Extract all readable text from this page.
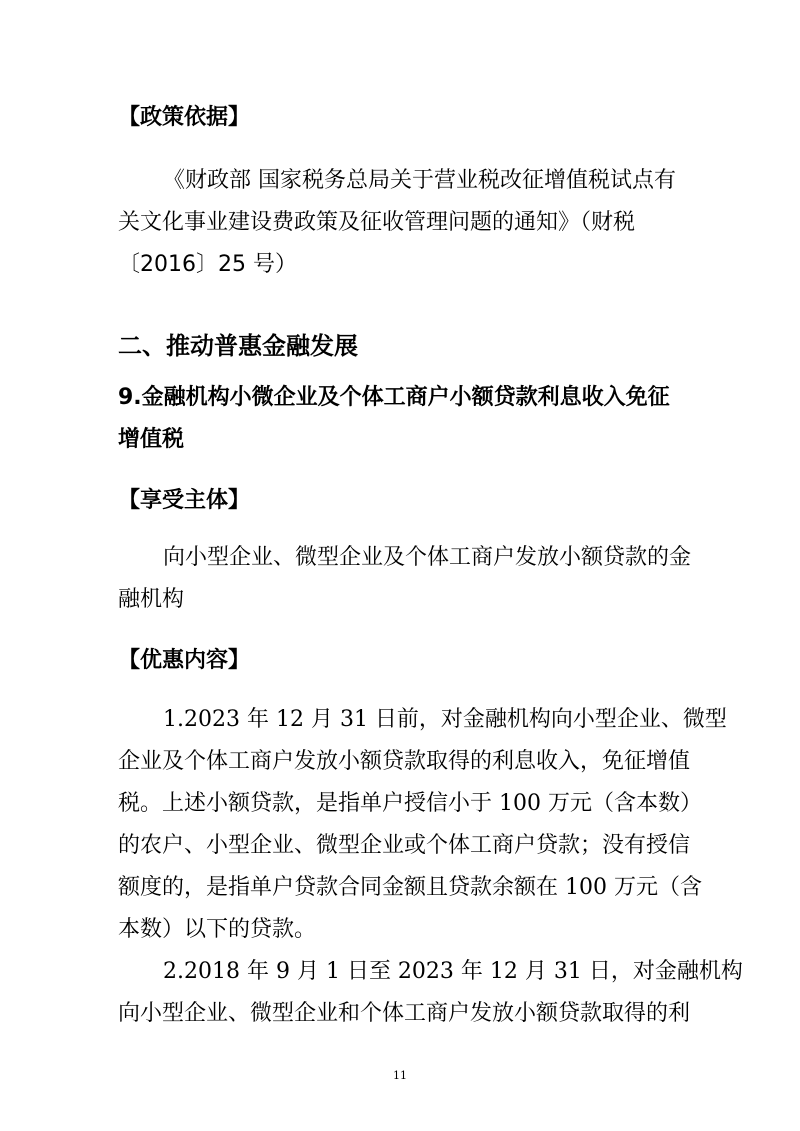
【政策依据】
《财政部 国家税务总局关于营业税改征增值税试点有
关文化事业建设费政策及征收管理问题的通知》（财税
〔2016〕25 号）
二、推动普惠金融发展
9.金融机构小微企业及个体工商户小额贷款利息收入免征
增值税
【享受主体】
向小型企业、微型企业及个体工商户发放小额贷款的金
融机构
【优惠内容】
1.2023 年 12 月 31 日前，对金融机构向小型企业、微型
企业及个体工商户发放小额贷款取得的利息收入，免征增值
税。上述小额贷款，是指单户授信小于 100 万元（含本数）
的农户、小型企业、微型企业或个体工商户贷款；没有授信
额度的，是指单户贷款合同金额且贷款余额在 100 万元（含
本数）以下的贷款。
2.2018 年 9 月 1 日至 2023 年 12 月 31 日，对金融机构
向小型企业、微型企业和个体工商户发放小额贷款取得的利
11
